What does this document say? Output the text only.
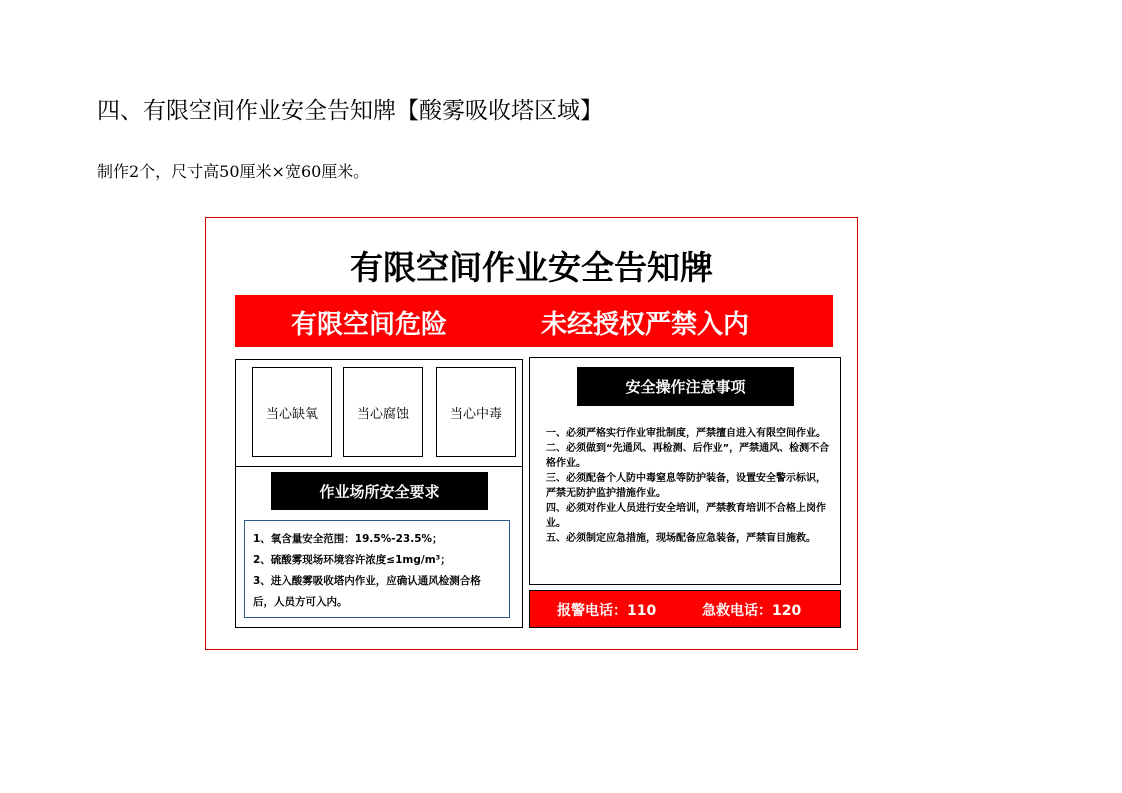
四、有限空间作业安全告知牌【酸雾吸收塔区域】
制作2个，尺寸高50厘米×宽60厘米。
有限空间作业安全告知牌
有限空间危险	未经授权严禁入内
当心缺氧	当心腐蚀	当心中毒
作业场所安全要求
1、氧含量安全范围：19.5%-23.5%；
2、硫酸雾现场环境容许浓度≤1mg/m³；
3、进入酸雾吸收塔内作业，应确认通风检测合格后，人员方可入内。
安全操作注意事项
一、必须严格实行作业审批制度，严禁擅自进入有限空间作业。
二、必须做到“先通风、再检测、后作业”，严禁通风、检测不合格作业。
三、必须配备个人防中毒窒息等防护装备，设置安全警示标识，严禁无防护监护措施作业。
四、必须对作业人员进行安全培训，严禁教育培训不合格上岗作业。
五、必须制定应急措施，现场配备应急装备，严禁盲目施救。
报警电话：110	急救电话：120
